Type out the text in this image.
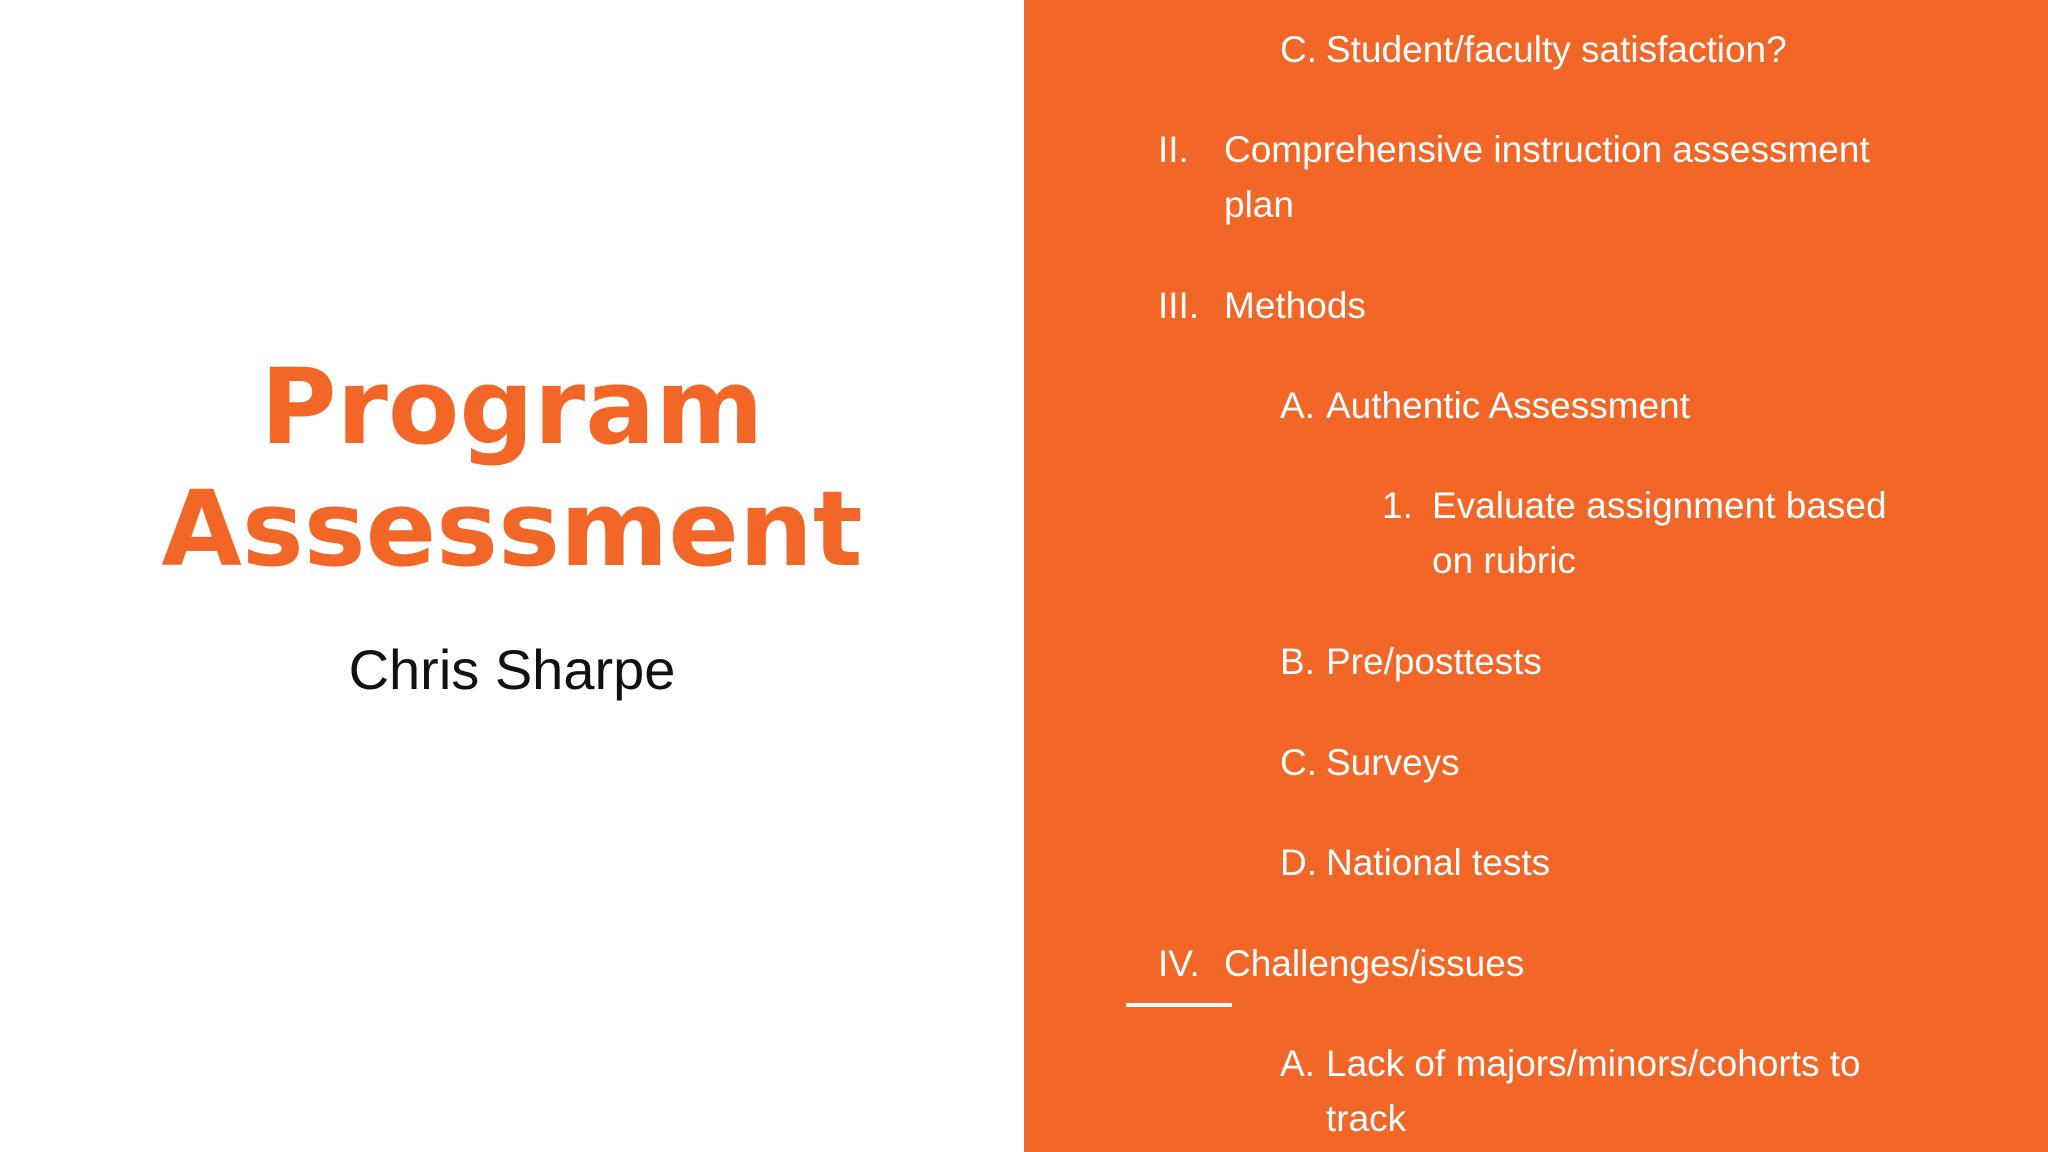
Program
Assessment

Chris Sharpe

C. Student/faculty satisfaction?
II. Comprehensive instruction assessment
plan
III. Methods
A. Authentic Assessment
1. Evaluate assignment based
on rubric
B. Pre/posttests
C. Surveys
D. National tests
IV. Challenges/issues
A. Lack of majors/minors/cohorts to
track
